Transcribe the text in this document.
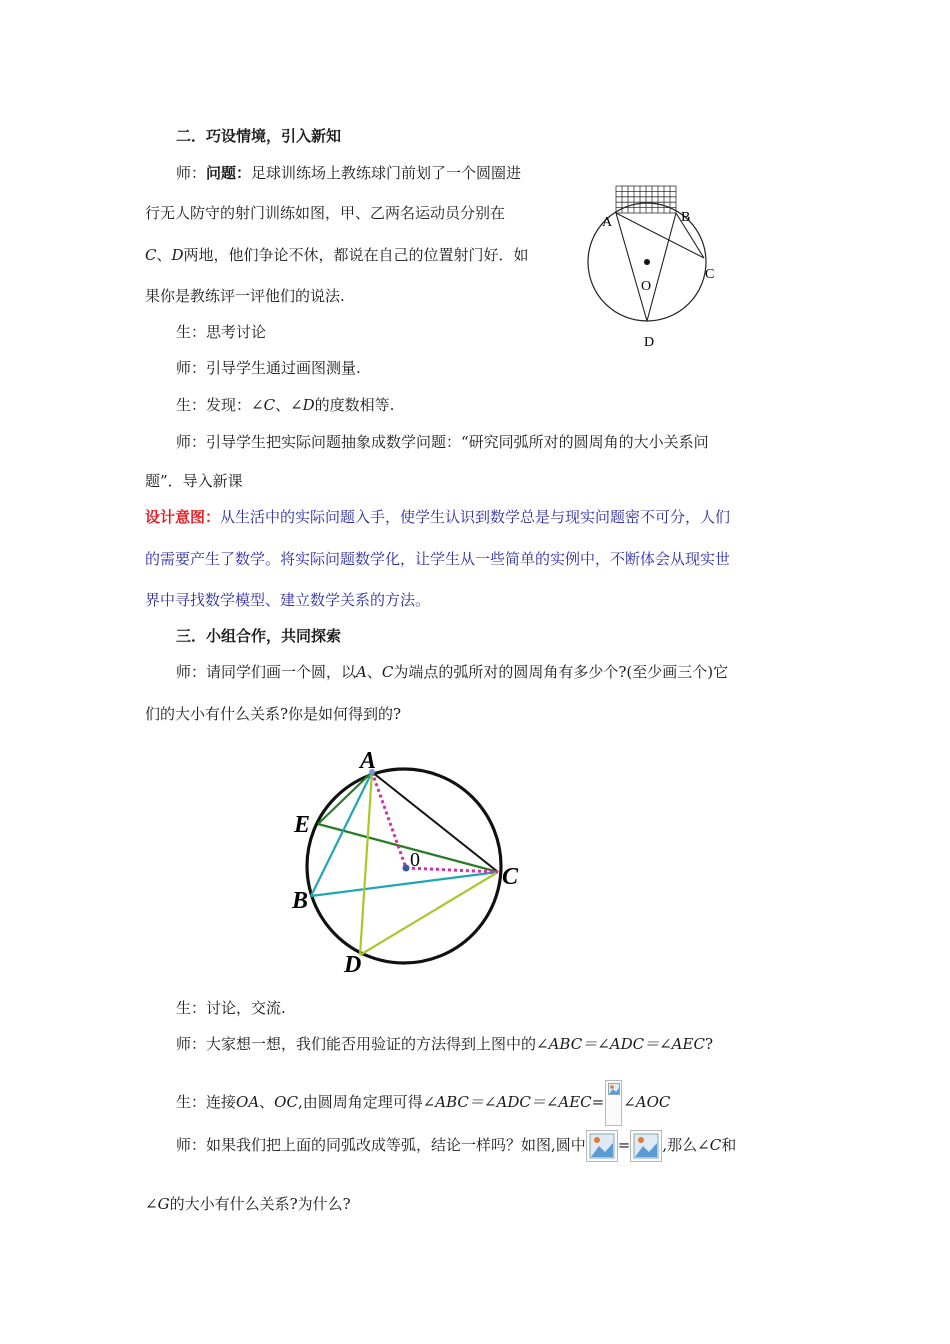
二．巧设情境，引入新知
师：问题：足球训练场上教练球门前划了一个圆圈进
行无人防守的射门训练如图，甲、乙两名运动员分别在
C、D两地，他们争论不休，都说在自己的位置射门好．如
果你是教练评一评他们的说法.
生：思考讨论
师：引导学生通过画图测量.
生：发现：∠C、∠D的度数相等.
师：引导学生把实际问题抽象成数学问题：“研究同弧所对的圆周角的大小关系问
题”．导入新课
A	B
C
O
D
设计意图：从生活中的实际问题入手，使学生认识到数学总是与现实问题密不可分，人们
的需要产生了数学。将实际问题数学化，让学生从一些简单的实例中，不断体会从现实世
界中寻找数学模型、建立数学关系的方法。
三．小组合作，共同探索
师：请同学们画一个圆，以A、C为端点的弧所对的圆周角有多少个?(至少画三个)它
们的大小有什么关系?你是如何得到的?
A
E
B
D
C
0
生：讨论，交流.
师：大家想一想，我们能否用验证的方法得到上图中的∠ABC＝∠ADC＝∠AEC?
生：连接OA、OC,由圆周角定理可得∠ABC＝∠ADC＝∠AEC= ∠AOC
师：如果我们把上面的同弧改成等弧，结论一样吗？如图,圆中 = ,那么∠C和
∠G的大小有什么关系?为什么?
